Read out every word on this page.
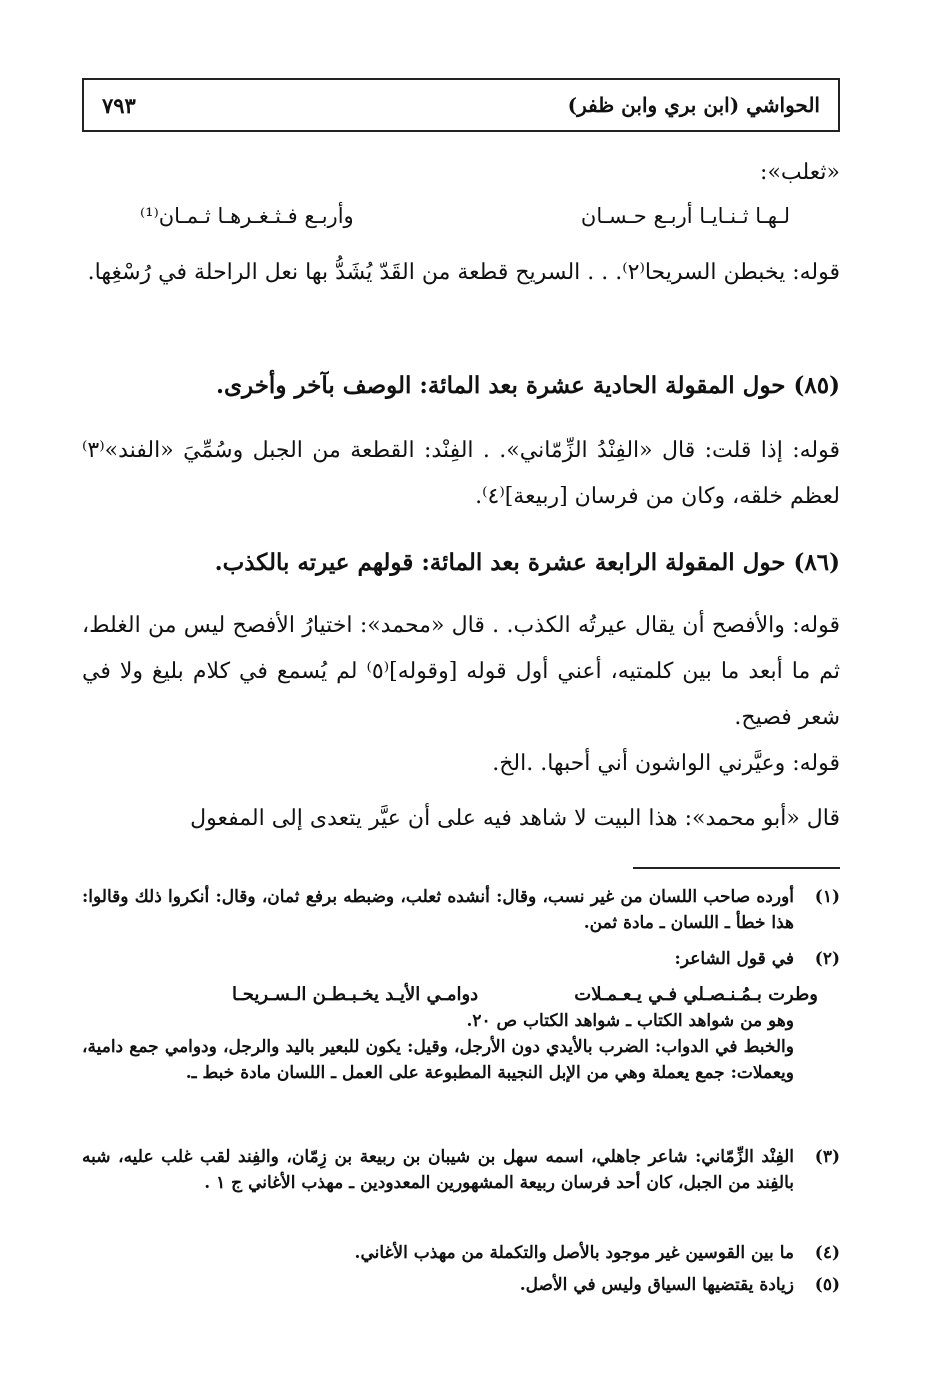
الحواشي (ابن بري وابن ظفر)
٧٩٣
«ثعلب»:
لـهـا ثـنـايـا أربـع حـسـان
وأربـع فـثـغـرهـا ثـمـان⁽¹⁾
قوله: يخبطن السريحا⁽٢⁾. . . السريح قطعة من القَدّ يُشَدُّ بها نعل الراحلة في رُسْغِها.
(٨٥) حول المقولة الحادية عشرة بعد المائة: الوصف بآخر وأخرى.
قوله: إذا قلت: قال «الفِنْدُ الزِّمّاني». . الفِنْد: القطعة من الجبل وسُمِّيَ «الفند»⁽٣⁾ لعظم خلقه، وكان من فرسان [ربيعة]⁽٤⁾.
(٨٦) حول المقولة الرابعة عشرة بعد المائة: قولهم عيرته بالكذب.
قوله: والأفصح أن يقال عيرتُه الكذب. . قال «محمد»: اختيارُ الأفصح ليس من الغلط، ثم ما أبعد ما بين كلمتيه، أعني أول قوله [وقوله]⁽٥⁾ لم يُسمع في كلام بليغ ولا في شعر فصيح.
قوله: وعيَّرني الواشون أني أحبها. .الخ.
قال «أبو محمد»: هذا البيت لا شاهد فيه على أن عيَّر يتعدى إلى المفعول
(١)
أورده صاحب اللسان من غير نسب، وقال: أنشده ثعلب، وضبطه برفع ثمان، وقال: أنكروا ذلك وقالوا: هذا خطأ ـ اللسان ـ مادة ثمن.
(٢)
في قول الشاعر:
وطرت بـمُـنـصـلي فـي يـعـمـلات
دوامـي الأيـد يخـبـطـن الـسـريحـا
وهو من شواهد الكتاب ـ شواهد الكتاب ص ٢٠.
والخبط في الدواب: الضرب بالأيدي دون الأرجل، وقيل: يكون للبعير باليد والرجل، ودوامي جمع دامية، ويعملات: جمع يعملة وهي من الإبل النجيبة المطبوعة على العمل ـ اللسان مادة خبط ـ.
(٣)
الفِنْد الزِّمّاني: شاعر جاهلي، اسمه سهل بن شيبان بن ربيعة بن زِمّان، والفِند لقب غلب عليه، شبه بالفِند من الجبل، كان أحد فرسان ربيعة المشهورين المعدودين ـ مهذب الأغاني ج ١ .
(٤)
ما بين القوسين غير موجود بالأصل والتكملة من مهذب الأغاني.
(٥)
زيادة يقتضيها السياق وليس في الأصل.
